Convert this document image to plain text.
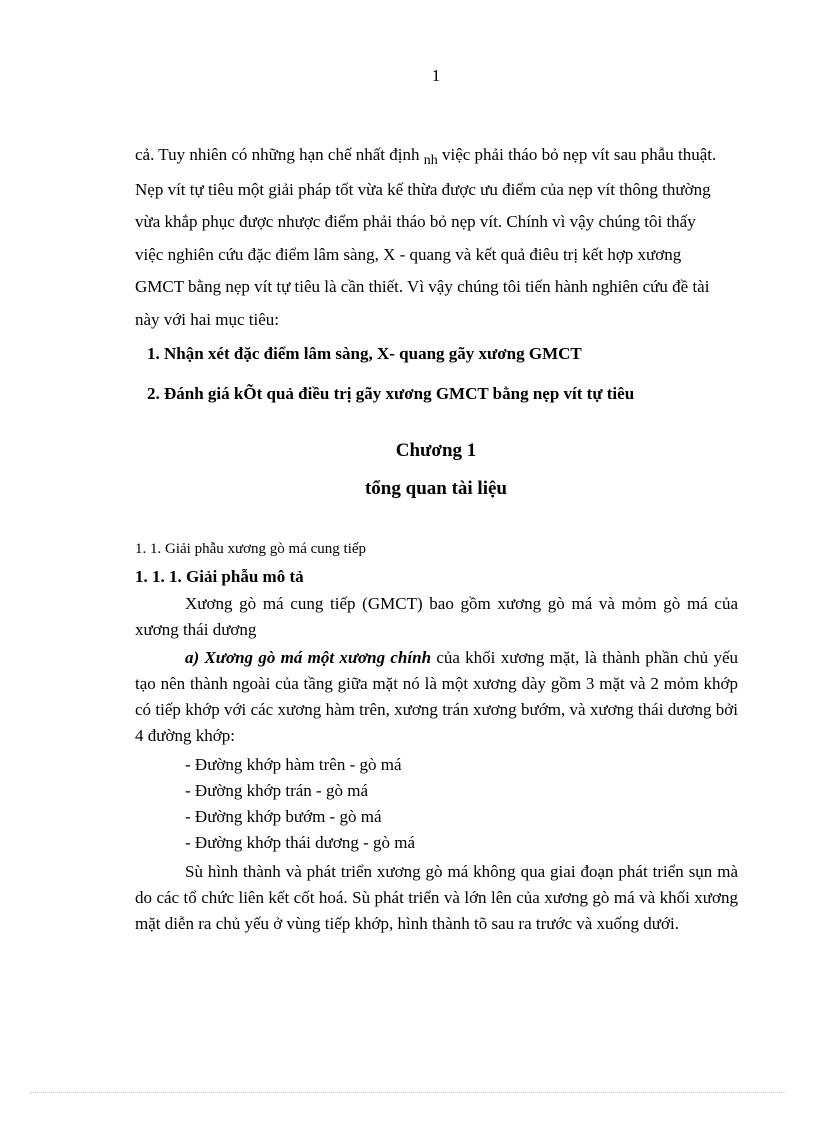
1

cả. Tuy nhiên có những hạn chế nhất định $_{nh}$ việc phải tháo bỏ nẹp vít sau phẫu thuật. Nẹp vít tự tiêu một giải pháp tốt vừa kế thừa được ưu điểm của nẹp vít thông thường vừa khắp phục được nhược điểm phải tháo bỏ nẹp vít. Chính vì vậy chúng tôi thấy việc nghiên cứu đặc điểm lâm sàng, X - quang và kết quả điêu trị kết hợp xương GMCT bằng nẹp vít tự tiêu là cần thiết. Vì vậy chúng tôi tiến hành nghiên cứu đề tài này với hai mục tiêu:

1. Nhận xét đặc điểm lâm sàng, X- quang gãy xương GMCT

2. Đánh giá kÕt quả điều trị gãy xương GMCT bằng nẹp vít tự tiêu

Chương 1

tổng quan tài liệu

1. 1. Giải phẫu xương gò má cung tiếp

1. 1. 1. Giải phẫu mô tả

Xương gò má cung tiếp (GMCT) bao gồm xương gò má và mỏm gò má của xương thái dương

a) Xương gò má một xương chính của khối xương mặt, là thành phần chủ yếu tạo nên thành ngoài của tầng giữa mặt nó là một xương dày gồm 3 mặt và 2 mỏm khớp có tiếp khớp với các xương hàm trên, xương trán xương bướm, và xương thái dương bởi 4 đường khớp:

- Đường khớp hàm trên - gò má
- Đường khớp trán - gò má
- Đường khớp bướm - gò má
- Đường khớp thái dương - gò má

Sù hình thành và phát triển xương gò má không qua giai đoạn phát triển sụn mà do các tổ chức liên kết cốt hoá. Sù phát triển và lớn lên của xương gò má và khối xương mặt diễn ra chủ yếu ở vùng tiếp khớp, hình thành tõ sau ra trước và xuống dưới.
